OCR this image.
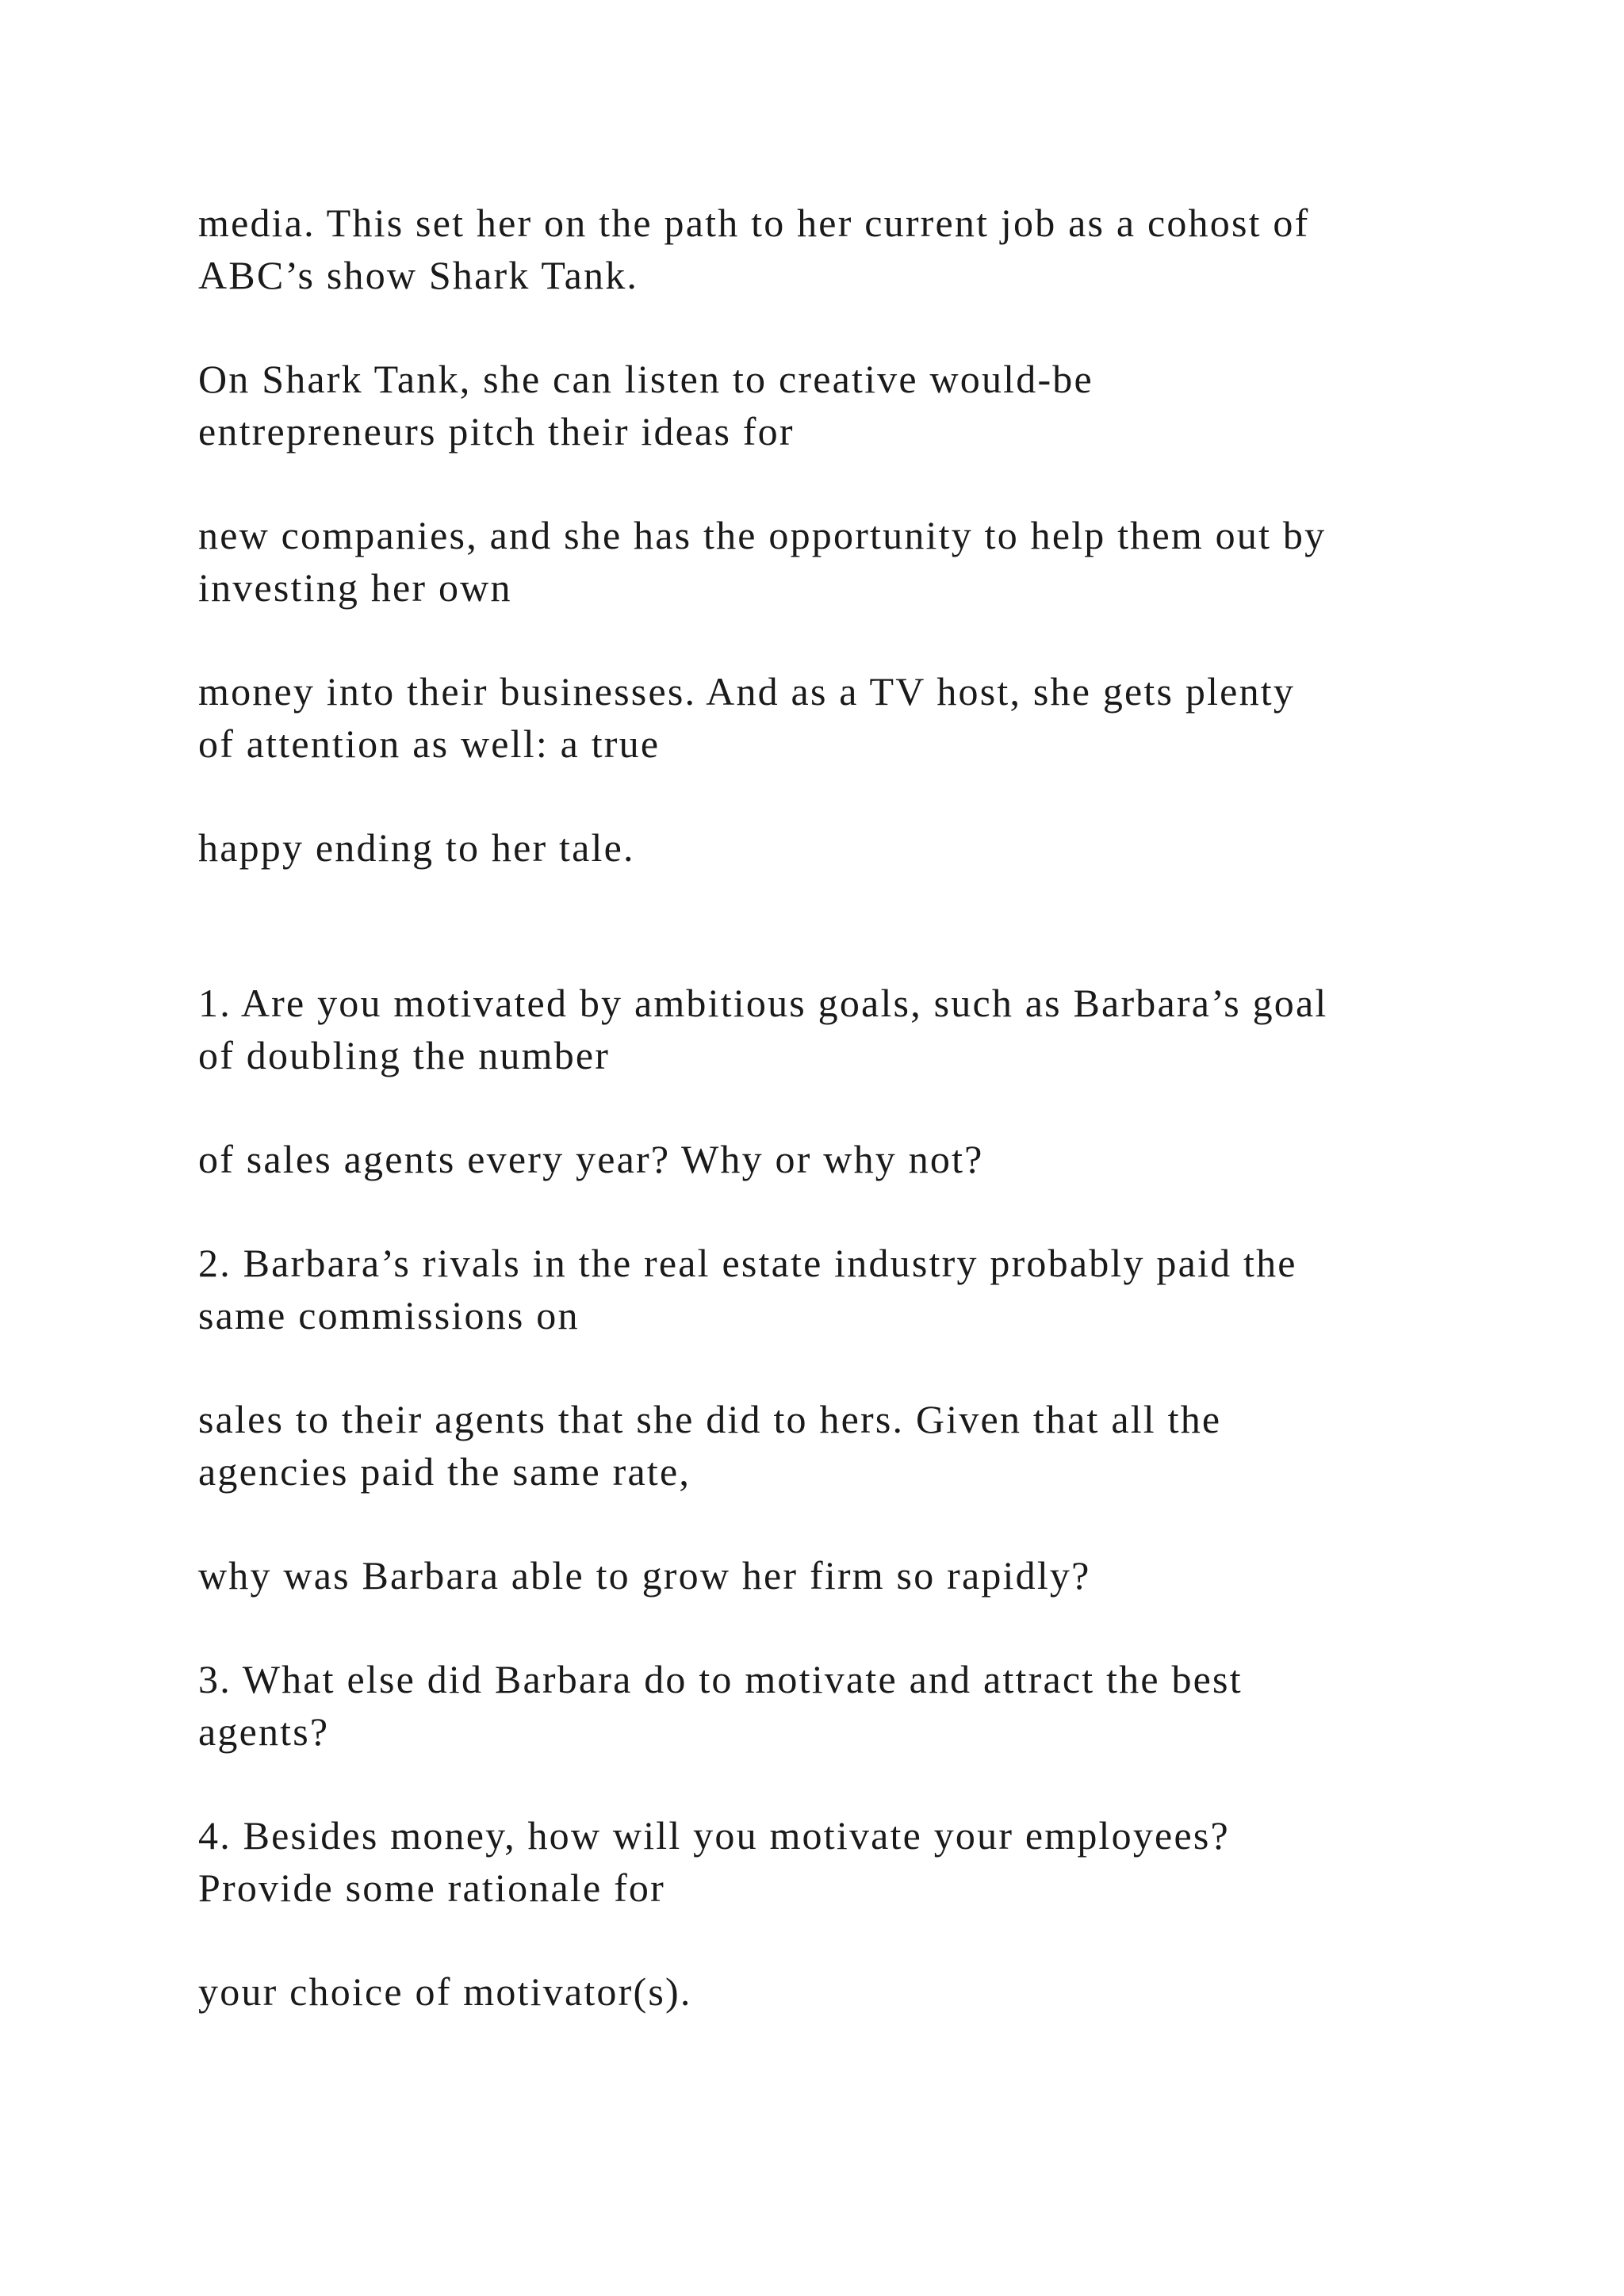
media. This set her on the path to her current job as a cohost of
ABC’s show Shark Tank.

On Shark Tank, she can listen to creative would-be
entrepreneurs pitch their ideas for

new companies, and she has the opportunity to help them out by
investing her own

money into their businesses. And as a TV host, she gets plenty
of attention as well: a true

happy ending to her tale.

1. Are you motivated by ambitious goals, such as Barbara’s goal
of doubling the number

of sales agents every year? Why or why not?

2. Barbara’s rivals in the real estate industry probably paid the
same commissions on

sales to their agents that she did to hers. Given that all the
agencies paid the same rate,

why was Barbara able to grow her firm so rapidly?

3. What else did Barbara do to motivate and attract the best
agents?

4. Besides money, how will you motivate your employees?
Provide some rationale for

your choice of motivator(s).
